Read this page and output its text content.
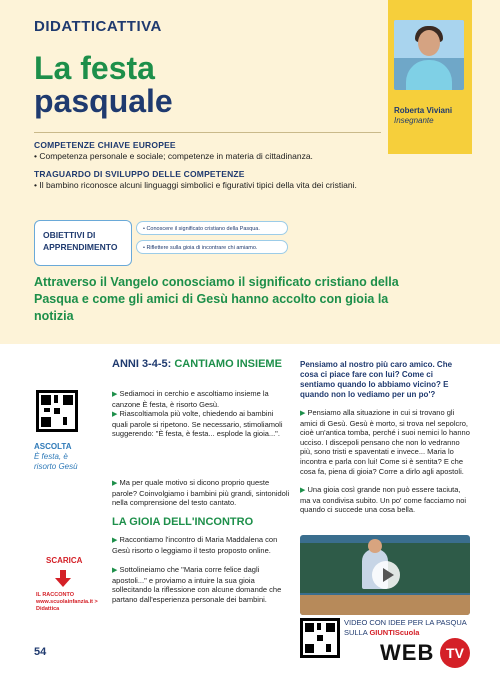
DIDATTICATTIVA
La festa
pasquale	Roberta Viviani
Insegnante
COMPETENZE CHIAVE EUROPEE
• Competenza personale e sociale; competenze in materia di cittadinanza.
TRAGUARDO DI SVILUPPO DELLE COMPETENZE
• Il bambino riconosce alcuni linguaggi simbolici e figurativi tipici della vita dei cristiani.
OBIETTIVI DI
APPRENDIMENTO
• Conoscere il significato cristiano della Pasqua.
• Riflettere sulla gioia di incontrare chi amiamo.
Attraverso il Vangelo conosciamo il significato cristiano della Pasqua e come gli amici di Gesù hanno accolto con gioia la notizia
ASCOLTA
È festa, è risorto Gesù
SCARICA
IL RACCONTO www.scuolainfanzia.it > Didattica
54
ANNI 3-4-5: CANTIAMO INSIEME
▶ Sediamoci in cerchio e ascoltiamo insieme la canzone È festa, è risorto Gesù.
▶ Riascoltiamola più volte, chiedendo ai bambini quali parole si ripetono. Se necessario, stimoliamoli suggerendo: "È festa, è festa... esplode la gioia...".
▶ Ma per quale motivo si dicono proprio queste parole? Coinvolgiamo i bambini più grandi, sintonidoli nella comprensione del testo cantato.
LA GIOIA DELL'INCONTRO
▶ Raccontiamo l'incontro di Maria Maddalena con Gesù risorto o leggiamo il testo proposto online.
▶ Sottolineiamo che "Maria corre felice dagli apostoli..." e proviamo a intuire la sua gioia sollecitando la riflessione con alcune domande che partano dall'esperienza personale dei bambini.
Pensiamo al nostro più caro amico. Che cosa ci piace fare con lui? Come ci sentiamo quando lo abbiamo vicino? E quando non lo vediamo per un po'?
▶ Pensiamo alla situazione in cui si trovano gli amici di Gesù. Gesù è morto, si trova nel sepolcro, cioè un'antica tomba, perché i suoi nemici lo hanno ucciso. I discepoli pensano che non lo vedranno più, sono tristi e spaventati e invece... Maria lo incontra e parla con lui! Come si è sentita? E che cosa fa, piena di gioia? Corre a dirlo agli apostoli.
▶ Una gioia così grande non può essere taciuta, ma va condivisa subito. Un po' come facciamo noi quando ci succede una cosa bella.
VIDEO CON IDEE PER LA PASQUA
SULLA GIUNTIScuola
WEB TV
